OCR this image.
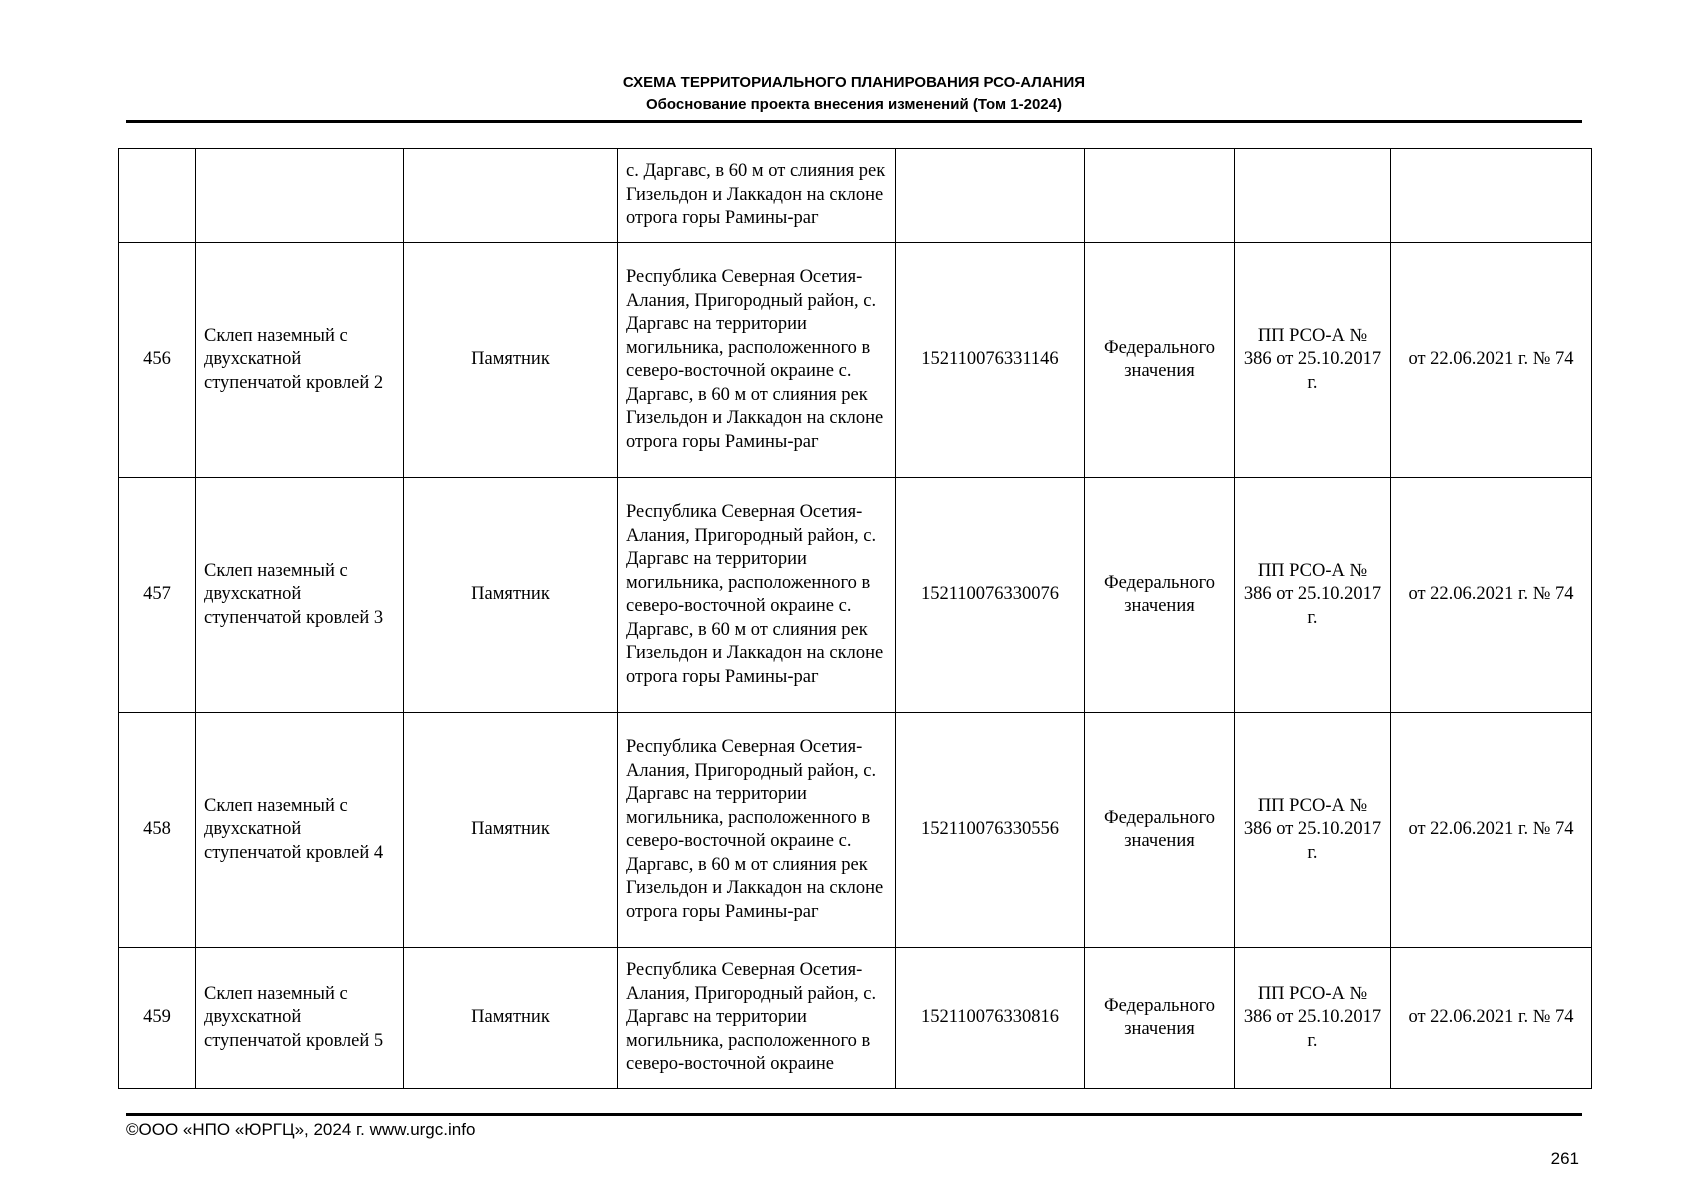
СХЕМА ТЕРРИТОРИАЛЬНОГО ПЛАНИРОВАНИЯ РСО-АЛАНИЯ
Обоснование проекта внесения изменений (Том 1-2024)
			с. Даргавс, в 60 м от слияния рек Гизельдон и Лаккадон на склоне отрога горы Рамины-раг				
456	Склеп наземный с двухскатной ступенчатой кровлей 2	Памятник	Республика Северная Осетия-Алания, Пригородный район, с. Даргавс на территории могильника, расположенного в северо-восточной окраине с. Даргавс, в 60 м от слияния рек Гизельдон и Лаккадон на склоне отрога горы Рамины-раг	152110076331146	Федерального значения	ПП РСО-А № 386 от 25.10.2017 г.	от 22.06.2021 г. № 74
457	Склеп наземный с двухскатной ступенчатой кровлей 3	Памятник	Республика Северная Осетия-Алания, Пригородный район, с. Даргавс на территории могильника, расположенного в северо-восточной окраине с. Даргавс, в 60 м от слияния рек Гизельдон и Лаккадон на склоне отрога горы Рамины-раг	152110076330076	Федерального значения	ПП РСО-А № 386 от 25.10.2017 г.	от 22.06.2021 г. № 74
458	Склеп наземный с двухскатной ступенчатой кровлей 4	Памятник	Республика Северная Осетия-Алания, Пригородный район, с. Даргавс на территории могильника, расположенного в северо-восточной окраине с. Даргавс, в 60 м от слияния рек Гизельдон и Лаккадон на склоне отрога горы Рамины-раг	152110076330556	Федерального значения	ПП РСО-А № 386 от 25.10.2017 г.	от 22.06.2021 г. № 74
459	Склеп наземный с двухскатной ступенчатой кровлей 5	Памятник	Республика Северная Осетия-Алания, Пригородный район, с. Даргавс на территории могильника, расположенного в северо-восточной окраине	152110076330816	Федерального значения	ПП РСО-А № 386 от 25.10.2017 г.	от 22.06.2021 г. № 74
©ООО «НПО «ЮРГЦ», 2024 г. www.urgc.info
261
